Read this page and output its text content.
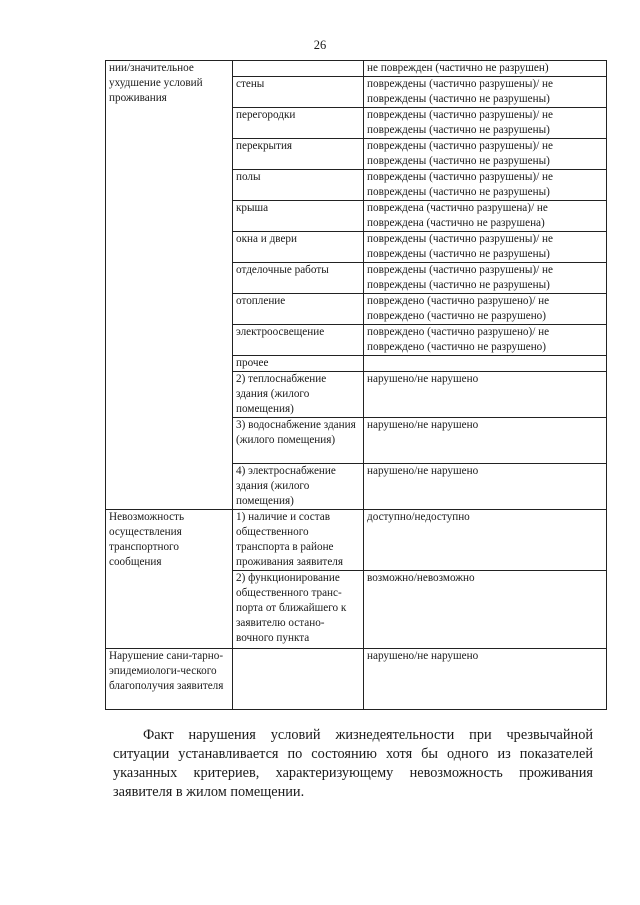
26
нии/значительное ухудшение условий проживания		не поврежден (частично не разрушен)
	стены	повреждены (частично разрушены)/ не повреждены (частично не разрушены)
	перегородки	повреждены (частично разрушены)/ не повреждены (частично не разрушены)
	перекрытия	повреждены (частично разрушены)/ не повреждены (частично не разрушены)
	полы	повреждены (частично разрушены)/ не повреждены (частично не разрушены)
	крыша	повреждена (частично разрушена)/ не повреждена (частично не разрушена)
	окна и двери	повреждены (частично разрушены)/ не повреждены (частично не разрушены)
	отделочные работы	повреждены (частично разрушены)/ не повреждены (частично не разрушены)
	отопление	повреждено (частично разрушено)/ не повреждено (частично не разрушено)
	электроосвещение	повреждено (частично разрушено)/ не повреждено (частично не разрушено)
	прочее	
	2) теплоснабжение здания (жилого помещения)	нарушено/не нарушено
	3) водоснабжение здания (жилого помещения)	нарушено/не нарушено
	4) электроснабжение здания (жилого помещения)	нарушено/не нарушено
Невозможность осуществления транспортного сообщения	1) наличие и состав общественного транспорта в районе проживания заявителя	доступно/недоступно
	2) функционирование общественного транс-порта от ближайшего к заявителю остано-вочного пункта	возможно/невозможно
Нарушение сани-тарно- эпидемиологи-ческого благополучия заявителя		нарушено/не нарушено

Факт нарушения условий жизнедеятельности при чрезвычайной ситуации устанавливается по состоянию хотя бы одного из показателей указанных критериев, характеризующему невозможность проживания заявителя в жилом помещении.
